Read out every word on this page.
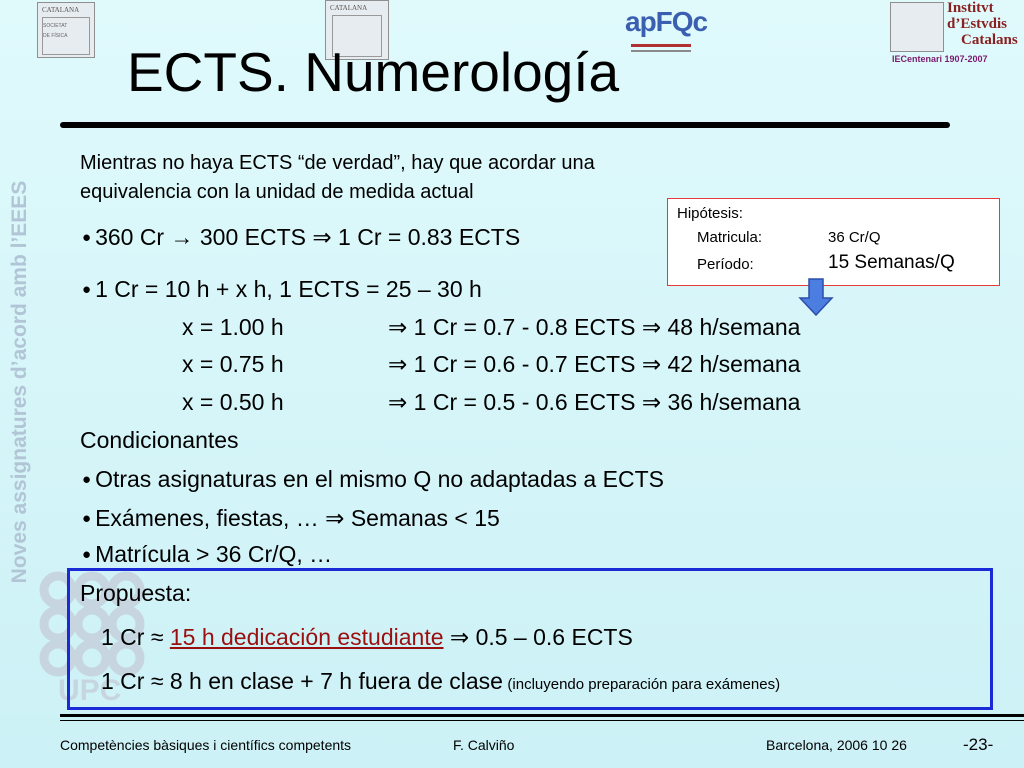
Noves assignatures d’acord amb l’EEES
UPC
CATALANA
SOCIETAT
DE FÍSICA
CATALANA	apFQc	Institvt
d’Estvdis
Catalans
IECentenari 1907-2007
ECTS. Numerología
Mientras no haya ECTS “de verdad”, hay que acordar una
equivalencia con la unidad de medida actual
● 360 Cr → 300 ECTS ⇒ 1 Cr = 0.83 ECTS
● 1 Cr = 10 h + x h, 1 ECTS = 25 – 30 h
x = 1.00 h	⇒ 1 Cr = 0.7 - 0.8 ECTS ⇒ 48 h/semana
x = 0.75 h	⇒ 1 Cr = 0.6 - 0.7 ECTS ⇒ 42 h/semana
x = 0.50 h	⇒ 1 Cr = 0.5 - 0.6 ECTS ⇒ 36 h/semana
Hipótesis:
Matricula:	36 Cr/Q
Período:	15 Semanas/Q
Condicionantes
● Otras asignaturas en el mismo Q no adaptadas a ECTS
● Exámenes, fiestas, … ⇒ Semanas < 15
● Matrícula > 36 Cr/Q, …
Propuesta:
1 Cr ≈ 15 h dedicación estudiante ⇒ 0.5 – 0.6 ECTS
1 Cr ≈ 8 h en clase + 7 h fuera de clase (incluyendo preparación para exámenes)
Competències bàsiques i científics competents	F. Calviño	Barcelona, 2006 10 26	-23-
